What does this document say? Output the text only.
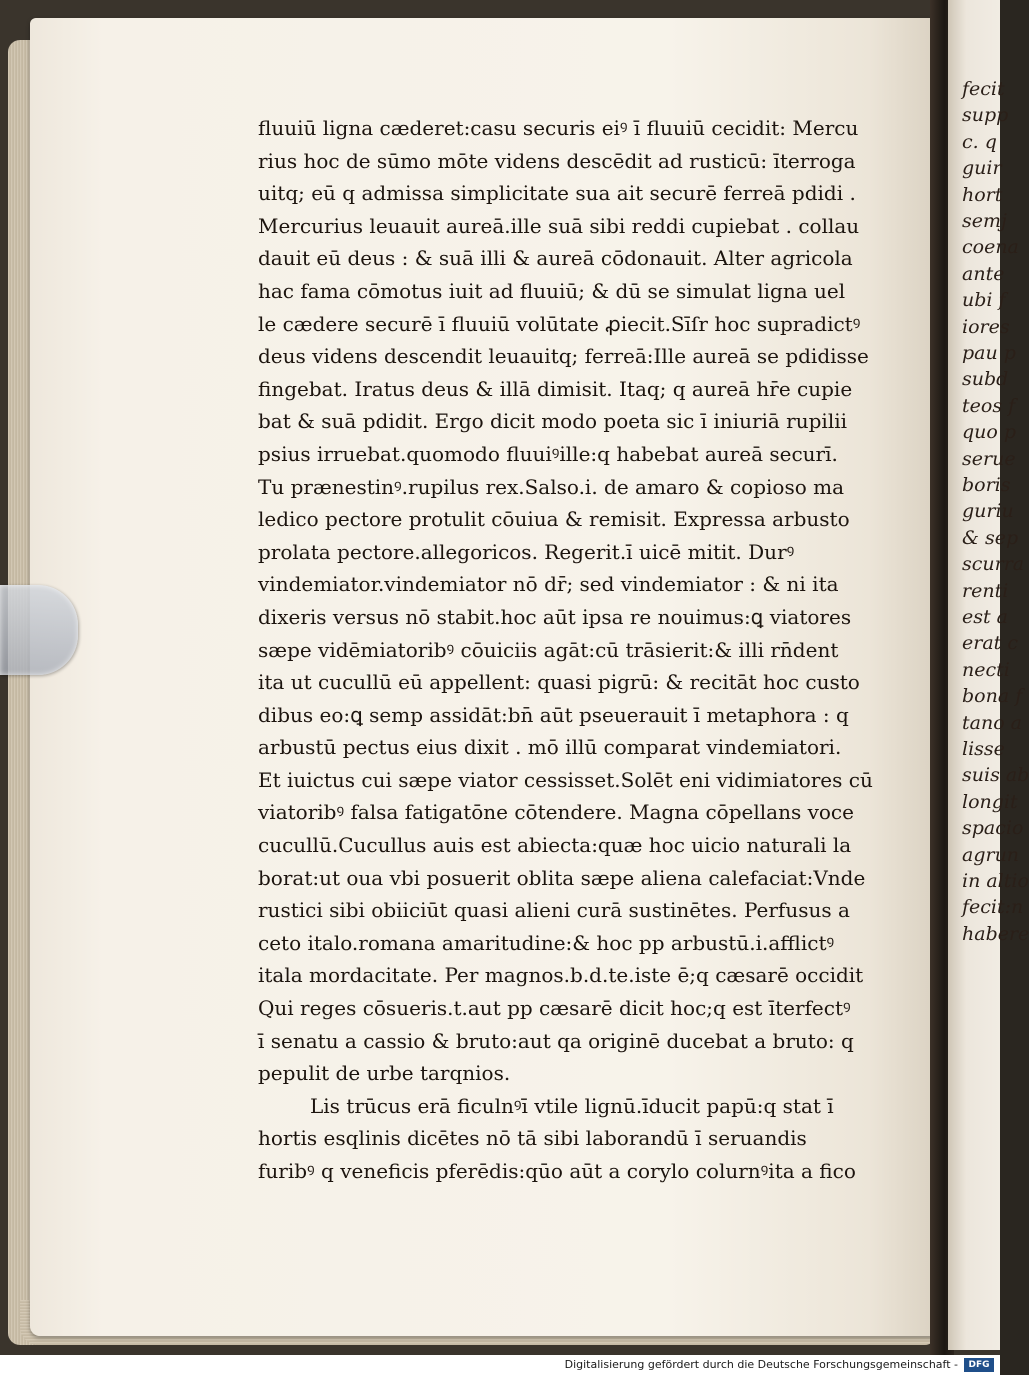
fecit
supp
c. q
guir
hort
semj
coena
ante
ubi f
iores
pau p
subd
teos f
quo p
serue
boris
guriu
& sep
scurra
renti
est a
erat c
necti
bona f
tano a
lisse
suis ab
longit
spacio
agrun
in altio
fecit:n
habere
fluuiū ligna cæderet:casu securis eiꝰ ī fluuiū cecidit: Mercu
rius hoc de sūmo mōte videns descēdit ad rusticū: īterroga
uitq; eū q admissa simplicitate sua ait securē ferreā pdidi .
Mercurius leuauit aureā.ille suā sibi reddi cupiebat . collau
dauit eū deus : & suā illi & aureā cōdonauit. Alter agricola
hac fama cōmotus iuit ad fluuiū; & dū se simulat ligna uel
le cædere securē ī fluuiū volūtate ꝓiecit.Sīſr hoc supradictꝰ
deus videns descendit leuauitq; ferreā:Ille aureā se pdidisse
fingebat. Iratus deus & illā dimisit. Itaq; q aureā hr̄e cupie
bat & suā pdidit. Ergo dicit modo poeta sic ī iniuriā rupilii
psius irruebat.quomodo fluuiꝰille:q habebat aureā securī.
Tu prænestinꝰ.rupilus rex.Salso.i. de amaro & copioso ma
ledico pectore protulit cōuiua & remisit. Expressa arbusto
prolata pectore.allegoricos. Regerit.ī uicē mitit. Durꝰ
vindemiator.vindemiator nō dr̄; sed vindemiator : & ni ita
dixeris versus nō stabit.hoc aūt ipsa re nouimus:ꝗ viatores
sæpe vidēmiatoribꝰ cōuiciis agāt:cū trāsierit:& illi rn̄dent
ita ut cucullū eū appellent: quasi pigrū: & recitāt hoc custo
dibus eo:ꝗ semp assidāt:bn̄ aūt pseuerauit ī metaphora : q
arbustū pectus eius dixit . mō illū comparat vindemiatori.
Et iuictus cui sæpe viator cessisset.Solēt eni vidimiatores cū
viatoribꝰ falsa fatigatōne cōtendere. Magna cōpellans voce
cucullū.Cucullus auis est abiecta:quæ hoc uicio naturali la
borat:ut oua vbi posuerit oblita sæpe aliena calefaciat:Vnde
rustici sibi obiiciūt quasi alieni curā sustinētes. Perfusus a
ceto italo.romana amaritudine:& hoc pp arbustū.i.afflictꝰ
itala mordacitate. Per magnos.b.d.te.iste ē;q cæsarē occidit
Qui reges cōsueris.t.aut pp cæsarē dicit hoc;q est īterfectꝰ
ī senatu a cassio & bruto:aut qa originē ducebat a bruto: q
pepulit de urbe tarqnios.
Lis trūcus erā ficulnꝰī vtile lignū.īducit papū:q stat ī
hortis esqlinis dicētes nō tā sibi laborandū ī seruandis
furibꝰ q veneficis pferēdis:qūo aūt a corylo colurnꝰita a fico
Digitalisierung gefördert durch die Deutsche Forschungsgemeinschaft -	DFG
